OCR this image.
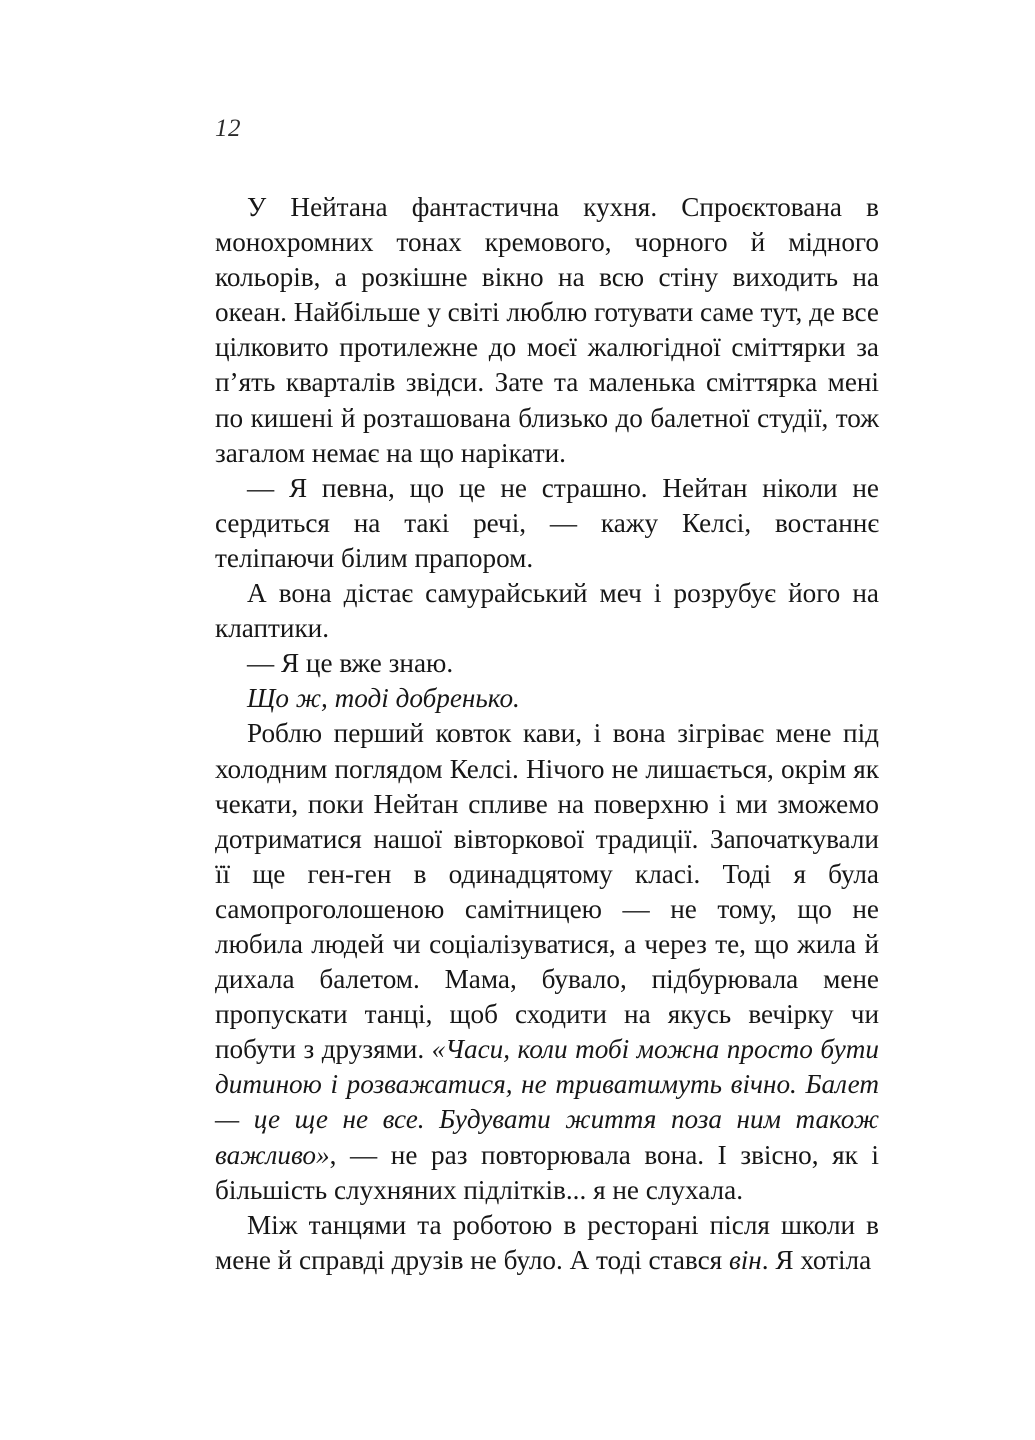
12

У Нейтана фантастична кухня. Спроєктована в монохромних тонах кремового, чорного й мідного кольорів, а розкішне вікно на всю стіну виходить на океан. Найбільше у світі люблю готувати саме тут, де все цілковито протилежне до моєї жалюгідної сміттярки за п’ять кварталів звідси. Зате та маленька сміттярка мені по кишені й розташована близько до балетної студії, тож загалом немає на що нарікати.

— Я певна, що це не страшно. Нейтан ніколи не сердиться на такі речі, — кажу Келсі, востаннє теліпаючи білим прапором.

А вона дістає самурайський меч і розрубує його на клаптики.

— Я це вже знаю.

Що ж, тоді добренько.

Роблю перший ковток кави, і вона зігріває мене під холодним поглядом Келсі. Нічого не лишається, окрім як чекати, поки Нейтан спливе на поверхню і ми зможемо дотриматися нашої вівторкової традиції. Започаткували її ще ген-ген в одинадцятому класі. Тоді я була самопроголошеною самітницею — не тому, що не любила людей чи соціалізуватися, а через те, що жила й дихала балетом. Мама, бувало, підбурювала мене пропускати танці, щоб сходити на якусь вечірку чи побути з друзями. «Часи, коли тобі можна просто бути дитиною і розважатися, не триватимуть вічно. Балет — це ще не все. Будувати життя поза ним також важливо», — не раз повторювала вона. І звісно, як і більшість слухняних підлітків... я не слухала.

Між танцями та роботою в ресторані після школи в мене й справді друзів не було. А тоді стався він. Я хотіла
